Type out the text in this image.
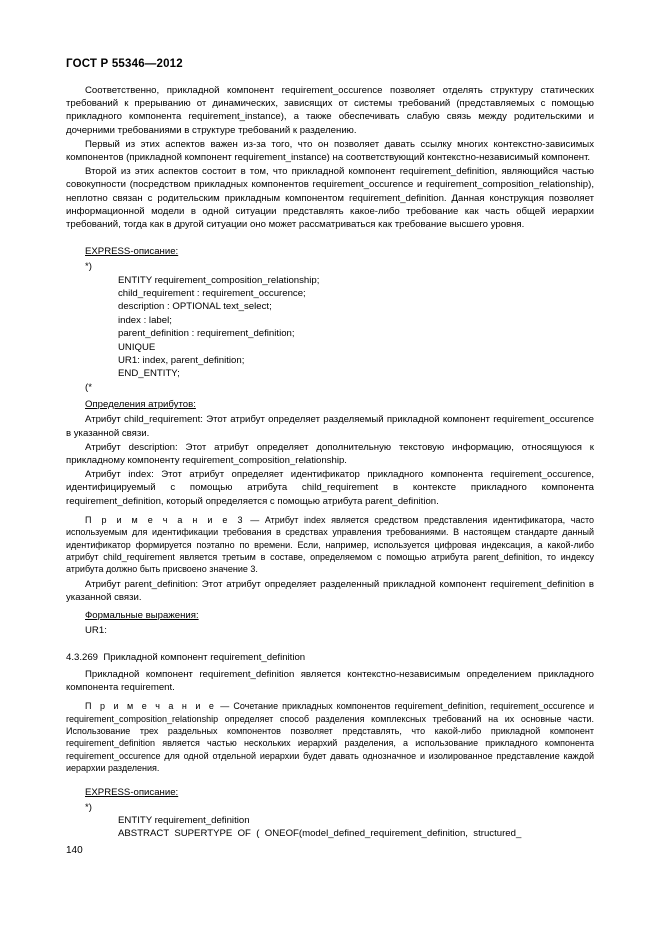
ГОСТ Р 55346—2012

Соответственно, прикладной компонент requirement_occurence позволяет отделять структуру статических требований к прерыванию от динамических, зависящих от системы требований (представляемых с помощью прикладного компонента requirement_instance), а также обеспечивать слабую связь между родительскими и дочерними требованиями в структуре требований к разделению.

Первый из этих аспектов важен из-за того, что он позволяет давать ссылку многих контекстно-зависимых компонентов (прикладной компонент requirement_instance) на соответствующий контекстно-независимый компонент.

Второй из этих аспектов состоит в том, что прикладной компонент requirement_definition, являющийся частью совокупности (посредством прикладных компонентов requirement_occurence и requirement_composition_relationship), неплотно связан с родительским прикладным компонентом requirement_definition. Данная конструкция позволяет информационной модели в одной ситуации представлять какое-либо требование как часть общей иерархии требований, тогда как в другой ситуации оно может рассматриваться как требование высшего уровня.

EXPRESS-описание:
*)
ENTITY requirement_composition_relationship;
child_requirement : requirement_occurence;
description : OPTIONAL text_select;
index : label;
parent_definition : requirement_definition;
UNIQUE
UR1: index, parent_definition;
END_ENTITY;
(*
Определения атрибутов:

Атрибут child_requirement: Этот атрибут определяет разделяемый прикладной компонент requirement_occurence в указанной связи.

Атрибут description: Этот атрибут определяет дополнительную текстовую информацию, относящуюся к прикладному компоненту requirement_composition_relationship.

Атрибут index: Этот атрибут определяет идентификатор прикладного компонента requirement_occurence, идентифицируемый с помощью атрибута child_requirement в контексте прикладного компонента requirement_definition, который определяется с помощью атрибута parent_definition.

П р и м е ч а н и е 3 — Атрибут index является средством представления идентификатора, часто используемым для идентификации требования в средствах управления требованиями. В настоящем стандарте данный идентификатор формируется поэтапно по времени. Если, например, используется цифровая индексация, а какой-либо атрибут child_requirement является третьим в составе, определяемом с помощью атрибута parent_definition, то индексу атрибута должно быть присвоено значение 3.

Атрибут parent_definition: Этот атрибут определяет разделенный прикладной компонент requirement_definition в указанной связи.

Формальные выражения:
UR1:
4.3.269 Прикладной компонент requirement_definition

Прикладной компонент requirement_definition является контекстно-независимым определением прикладного компонента requirement.

П р и м е ч а н и е — Сочетание прикладных компонентов requirement_definition, requirement_occurence и requirement_composition_relationship определяет способ разделения комплексных требований на их основные части. Использование трех раздельных компонентов позволяет представлять, что какой-либо прикладной компонент requirement_definition является частью нескольких иерархий разделения, а использование прикладного компонента requirement_occurence для одной отдельной иерархии будет давать однозначное и изолированное представление каждой иерархии разделения.

EXPRESS-описание:
*)
ENTITY requirement_definition
ABSTRACT  SUPERTYPE  OF  (  ONEOF(model_defined_requirement_definition,  structured_
140
